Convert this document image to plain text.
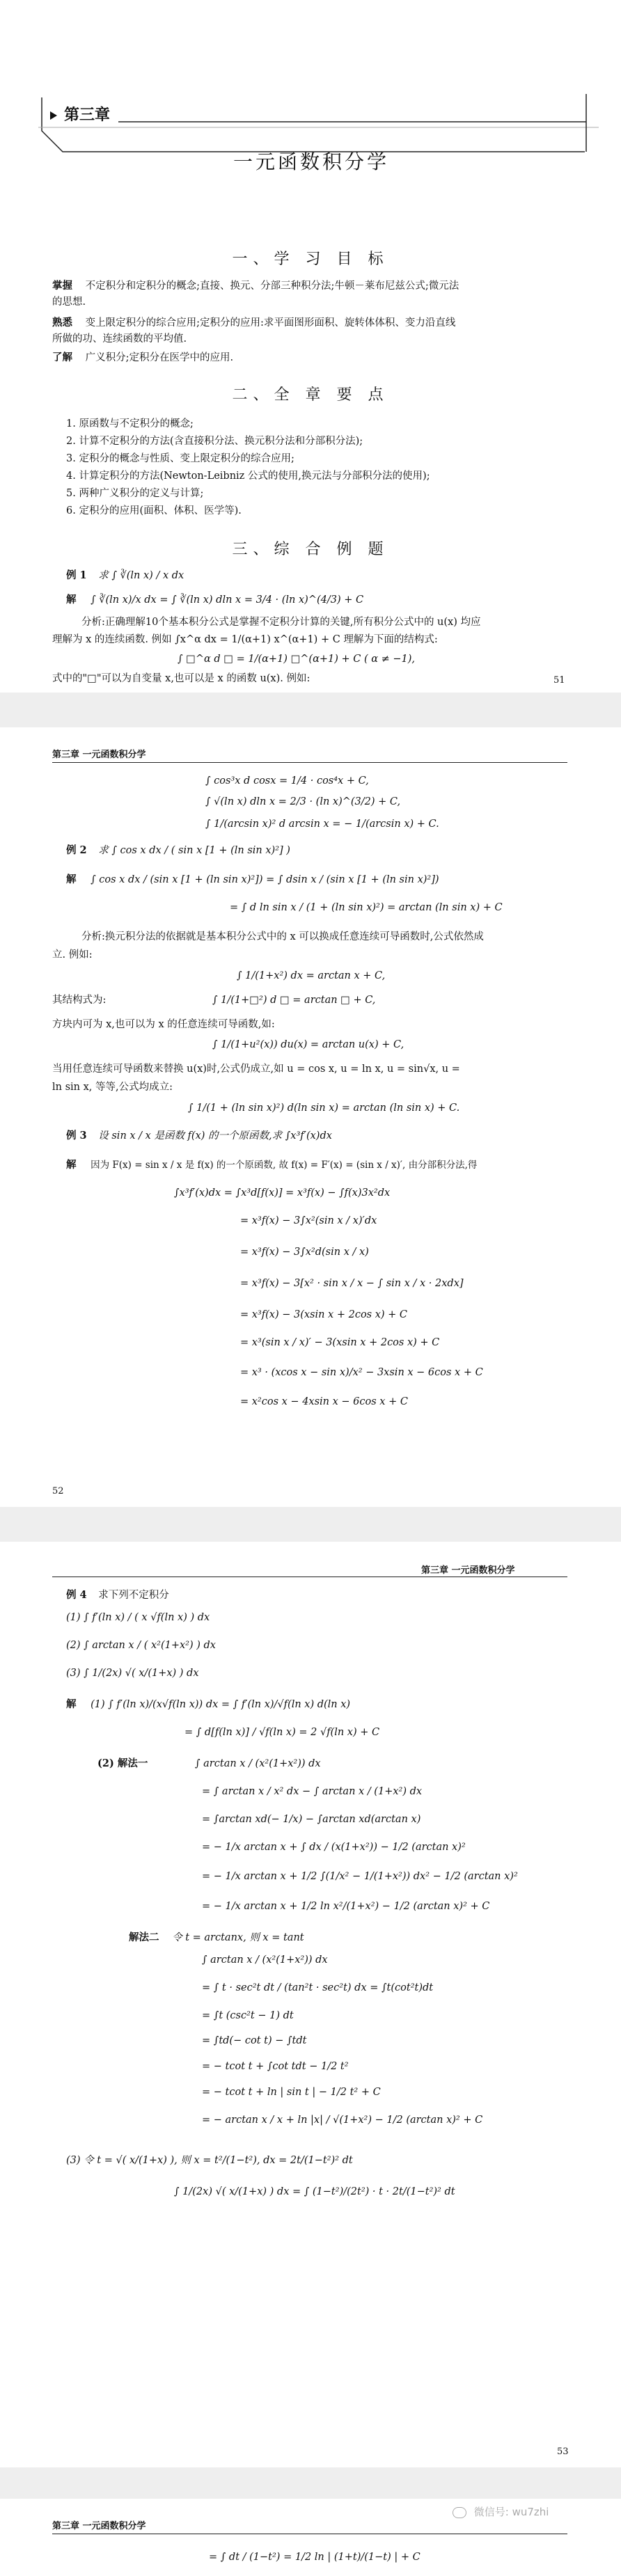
第三章
一元函数积分学
一、学 习 目 标
掌握 不定积分和定积分的概念;直接、换元、分部三种积分法;牛顿－莱布尼兹公式;微元法
的思想.
熟悉 变上限定积分的综合应用;定积分的应用:求平面图形面积、旋转体体积、变力沿直线
所做的功、连续函数的平均值.
了解 广义积分;定积分在医学中的应用.
二、全 章 要 点
1. 原函数与不定积分的概念;
2. 计算不定积分的方法(含直接积分法、换元积分法和分部积分法);
3. 定积分的概念与性质、变上限定积分的综合应用;
4. 计算定积分的方法(Newton-Leibniz 公式的使用,换元法与分部积分法的使用);
5. 两种广义积分的定义与计算;
6. 定积分的应用(面积、体积、医学等).
三、综 合 例 题
例 1 求 ∫ ∛(ln x) / x dx
解 ∫ ∛(ln x)/x dx = ∫ ∛(ln x) dln x = 3/4 · (ln x)^(4/3) + C
分析:正确理解10个基本积分公式是掌握不定积分计算的关键,所有积分公式中的 u(x) 均应
理解为 x 的连续函数. 例如 ∫x^α dx = 1/(α+1) x^(α+1) + C 理解为下面的结构式:
∫ □^α d □ = 1/(α+1) □^(α+1) + C ( α ≠ −1),
式中的"□"可以为自变量 x,也可以是 x 的函数 u(x). 例如:	51
第三章 一元函数积分学
∫ cos³x d cosx = 1/4 · cos⁴x + C,
∫ √(ln x) dln x = 2/3 · (ln x)^(3/2) + C,
∫ 1/(arcsin x)² d arcsin x = − 1/(arcsin x) + C.
例 2 求 ∫ cos x dx / ( sin x [1 + (ln sin x)²] )
解 ∫ cos x dx / (sin x [1 + (ln sin x)²]) = ∫ dsin x / (sin x [1 + (ln sin x)²])
= ∫ d ln sin x / (1 + (ln sin x)²) = arctan (ln sin x) + C
分析:换元积分法的依据就是基本积分公式中的 x 可以换成任意连续可导函数时,公式依然成
立. 例如:
∫ 1/(1+x²) dx = arctan x + C,
其结构式为:	∫ 1/(1+□²) d □ = arctan □ + C,
方块内可为 x,也可以为 x 的任意连续可导函数,如:
∫ 1/(1+u²(x)) du(x) = arctan u(x) + C,
当用任意连续可导函数来替换 u(x)时,公式仍成立,如 u = cos x, u = ln x, u = sin√x, u =
ln sin x, 等等,公式均成立:
∫ 1/(1 + (ln sin x)²) d(ln sin x) = arctan (ln sin x) + C.
例 3 设 sin x / x 是函数 f(x) 的一个原函数,求 ∫x³f′(x)dx
解 因为 F(x) = sin x / x 是 f(x) 的一个原函数, 故 f(x) = F′(x) = (sin x / x)′, 由分部积分法,得
∫x³f′(x)dx = ∫x³d[f(x)] = x³f(x) − ∫f(x)3x²dx
= x³f(x) − 3∫x²(sin x / x)′dx
= x³f(x) − 3∫x²d(sin x / x)
= x³f(x) − 3[x² · sin x / x − ∫ sin x / x · 2xdx]
= x³f(x) − 3(xsin x + 2cos x) + C
= x³(sin x / x)′ − 3(xsin x + 2cos x) + C
= x³ · (xcos x − sin x)/x² − 3xsin x − 6cos x + C
= x²cos x − 4xsin x − 6cos x + C
52
第三章 一元函数积分学
例 4 求下列不定积分
(1) ∫ f′(ln x) / ( x √f(ln x) ) dx
(2) ∫ arctan x / ( x²(1+x²) ) dx
(3) ∫ 1/(2x) √( x/(1+x) ) dx
解 (1) ∫ f′(ln x)/(x√f(ln x)) dx = ∫ f′(ln x)/√f(ln x) d(ln x)
= ∫ d[f(ln x)] / √f(ln x) = 2 √f(ln x) + C
(2) 解法一	∫ arctan x / (x²(1+x²)) dx
= ∫ arctan x / x² dx − ∫ arctan x / (1+x²) dx
= ∫arctan xd(− 1/x) − ∫arctan xd(arctan x)
= − 1/x arctan x + ∫ dx / (x(1+x²)) − 1/2 (arctan x)²
= − 1/x arctan x + 1/2 ∫(1/x² − 1/(1+x²)) dx² − 1/2 (arctan x)²
= − 1/x arctan x + 1/2 ln x²/(1+x²) − 1/2 (arctan x)² + C
解法二 令 t = arctanx, 则 x = tant
∫ arctan x / (x²(1+x²)) dx
= ∫ t · sec²t dt / (tan²t · sec²t) dx = ∫t(cot²t)dt
= ∫t (csc²t − 1) dt
= ∫td(− cot t) − ∫tdt
= − tcot t + ∫cot tdt − 1/2 t²
= − tcot t + ln | sin t | − 1/2 t² + C
= − arctan x / x + ln |x| / √(1+x²) − 1/2 (arctan x)² + C
(3) 令 t = √( x/(1+x) ), 则 x = t²/(1−t²), dx = 2t/(1−t²)² dt
∫ 1/(2x) √( x/(1+x) ) dx = ∫ (1−t²)/(2t²) · t · 2t/(1−t²)² dt
53
第三章 一元函数积分学
= ∫ dt / (1−t²) = 1/2 ln | (1+t)/(1−t) | + C
微信号: wu7zhi
